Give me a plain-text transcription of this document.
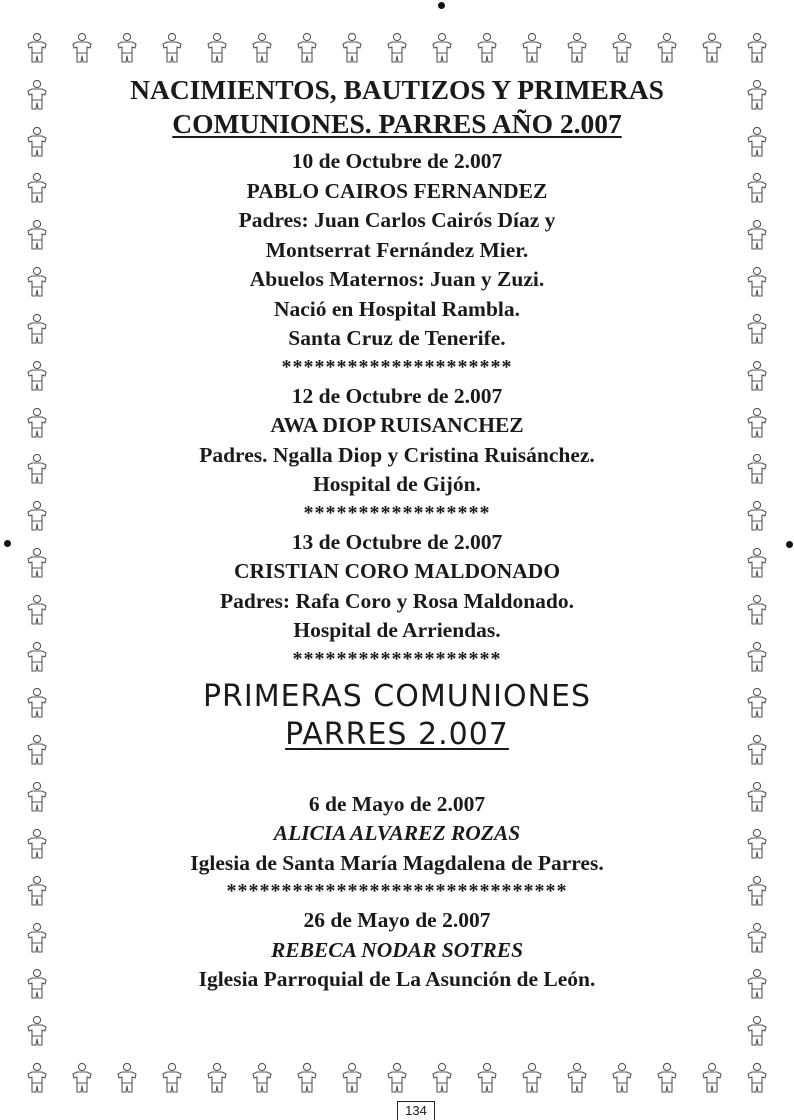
NACIMIENTOS, BAUTIZOS Y PRIMERAS
COMUNIONES. PARRES AÑO 2.007
10 de Octubre de 2.007
PABLO CAIROS FERNANDEZ
Padres: Juan Carlos Cairós Díaz y
Montserrat Fernández Mier.
Abuelos Maternos: Juan y Zuzi.
Nació en Hospital Rambla.
Santa Cruz de Tenerife.
*********************
12 de Octubre de 2.007
AWA DIOP RUISANCHEZ
Padres. Ngalla Diop y Cristina Ruisánchez.
Hospital de Gijón.
*****************
13 de Octubre de 2.007
CRISTIAN CORO MALDONADO
Padres: Rafa Coro y Rosa Maldonado.
Hospital de Arriendas.
*******************
PRIMERAS COMUNIONES
PARRES 2.007
6 de Mayo de 2.007
ALICIA ALVAREZ ROZAS
Iglesia de Santa María Magdalena de Parres.
*******************************
26 de Mayo de 2.007
REBECA NODAR SOTRES
Iglesia Parroquial de La Asunción de León.
134
